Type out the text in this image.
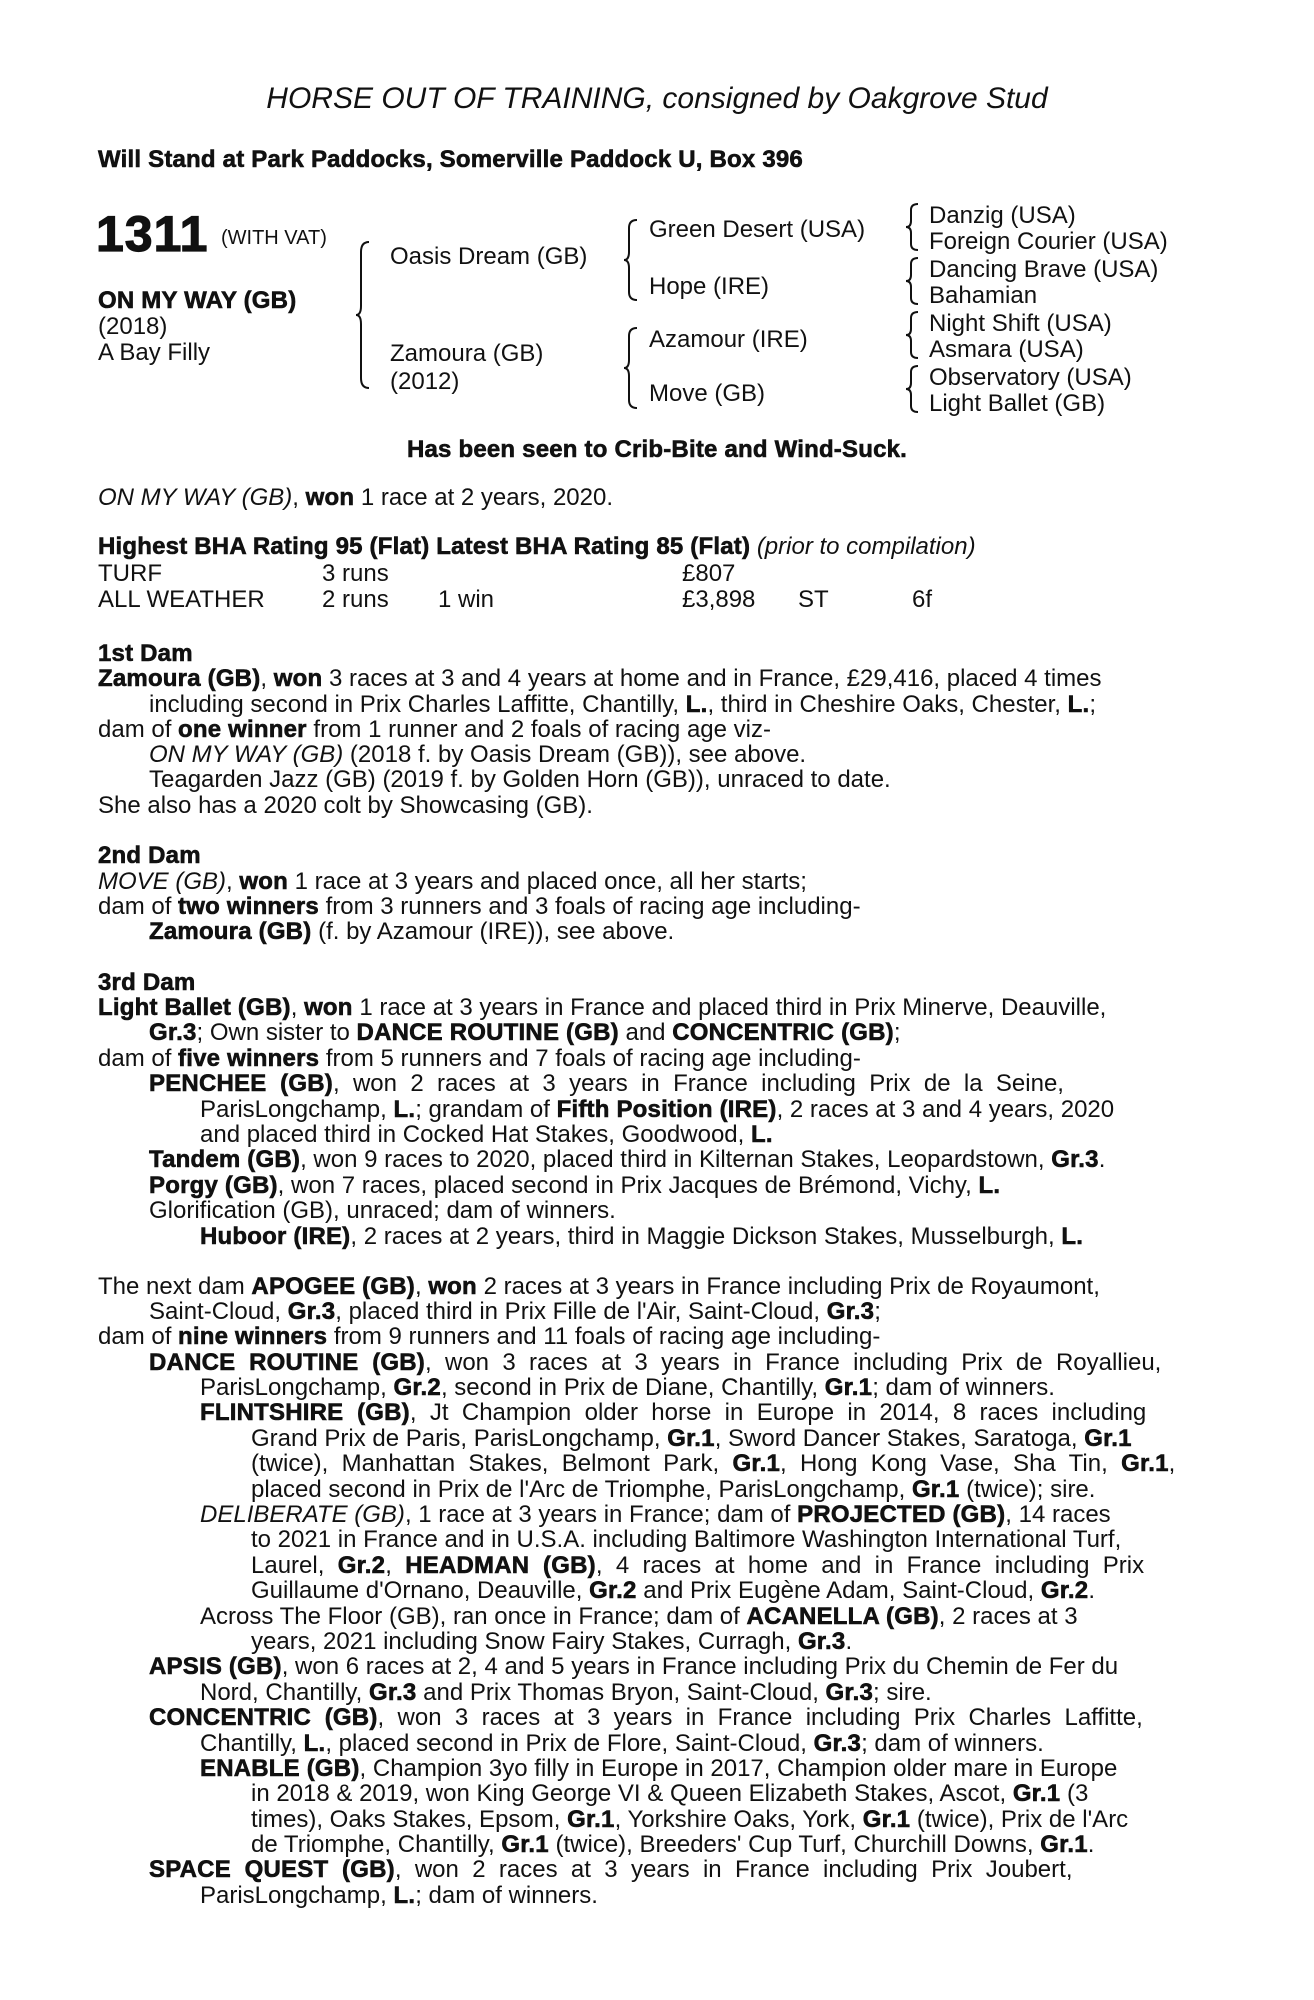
HORSE OUT OF TRAINING, consigned by Oakgrove Stud
Will Stand at Park Paddocks, Somerville Paddock U, Box 396
1311 (WITH VAT)
ON MY WAY (GB)
(2018)
A Bay Filly
Oasis Dream (GB)
Zamoura (GB)
(2012)
Green Desert (USA)
Hope (IRE)
Azamour (IRE)
Move (GB)
Danzig (USA)
Foreign Courier (USA)
Dancing Brave (USA)
Bahamian
Night Shift (USA)
Asmara (USA)
Observatory (USA)
Light Ballet (GB)
Has been seen to Crib-Bite and Wind-Suck.
ON MY WAY (GB), won 1 race at 2 years, 2020.
Highest BHA Rating 95 (Flat) Latest BHA Rating 85 (Flat) (prior to compilation)
TURF	3 runs	£807
ALL WEATHER 2 runs 1 win	£3,898 ST	6f
1st Dam
Zamoura (GB), won 3 races at 3 and 4 years at home and in France, £29,416, placed 4 times
including second in Prix Charles Laffitte, Chantilly, L., third in Cheshire Oaks, Chester, L.;
dam of one winner from 1 runner and 2 foals of racing age viz-
ON MY WAY (GB) (2018 f. by Oasis Dream (GB)), see above.
Teagarden Jazz (GB) (2019 f. by Golden Horn (GB)), unraced to date.
She also has a 2020 colt by Showcasing (GB).
2nd Dam
MOVE (GB), won 1 race at 3 years and placed once, all her starts;
dam of two winners from 3 runners and 3 foals of racing age including-
Zamoura (GB) (f. by Azamour (IRE)), see above.
3rd Dam
Light Ballet (GB), won 1 race at 3 years in France and placed third in Prix Minerve, Deauville,
Gr.3; Own sister to DANCE ROUTINE (GB) and CONCENTRIC (GB);
dam of five winners from 5 runners and 7 foals of racing age including-
PENCHEE  (GB),  won  2  races  at  3  years  in  France  including  Prix  de  la  Seine,
ParisLongchamp, L.; grandam of Fifth Position (IRE), 2 races at 3 and 4 years, 2020
and placed third in Cocked Hat Stakes, Goodwood, L.
Tandem (GB), won 9 races to 2020, placed third in Kilternan Stakes, Leopardstown, Gr.3.
Porgy (GB), won 7 races, placed second in Prix Jacques de Brémond, Vichy, L.
Glorification (GB), unraced; dam of winners.
Huboor (IRE), 2 races at 2 years, third in Maggie Dickson Stakes, Musselburgh, L.
The next dam APOGEE (GB), won 2 races at 3 years in France including Prix de Royaumont,
Saint-Cloud, Gr.3, placed third in Prix Fille de l'Air, Saint-Cloud, Gr.3;
dam of nine winners from 9 runners and 11 foals of racing age including-
DANCE  ROUTINE  (GB),  won  3  races  at  3  years  in  France  including  Prix  de  Royallieu,
ParisLongchamp, Gr.2, second in Prix de Diane, Chantilly, Gr.1; dam of winners.
FLINTSHIRE  (GB),  Jt  Champion  older  horse  in  Europe  in  2014,  8  races  including
Grand Prix de Paris, ParisLongchamp, Gr.1, Sword Dancer Stakes, Saratoga, Gr.1
(twice),  Manhattan  Stakes,  Belmont  Park,  Gr.1,  Hong  Kong  Vase,  Sha  Tin,  Gr.1,
placed second in Prix de l'Arc de Triomphe, ParisLongchamp, Gr.1 (twice); sire.
DELIBERATE (GB), 1 race at 3 years in France; dam of PROJECTED (GB), 14 races
to 2021 in France and in U.S.A. including Baltimore Washington International Turf,
Laurel,  Gr.2,  HEADMAN  (GB),  4  races  at  home  and  in  France  including  Prix
Guillaume d'Ornano, Deauville, Gr.2 and Prix Eugène Adam, Saint-Cloud, Gr.2.
Across The Floor (GB), ran once in France; dam of ACANELLA (GB), 2 races at 3
years, 2021 including Snow Fairy Stakes, Curragh, Gr.3.
APSIS (GB), won 6 races at 2, 4 and 5 years in France including Prix du Chemin de Fer du
Nord, Chantilly, Gr.3 and Prix Thomas Bryon, Saint-Cloud, Gr.3; sire.
CONCENTRIC  (GB),  won  3  races  at  3  years  in  France  including  Prix  Charles  Laffitte,
Chantilly, L., placed second in Prix de Flore, Saint-Cloud, Gr.3; dam of winners.
ENABLE (GB), Champion 3yo filly in Europe in 2017, Champion older mare in Europe
in 2018 & 2019, won King George VI & Queen Elizabeth Stakes, Ascot, Gr.1 (3
times), Oaks Stakes, Epsom, Gr.1, Yorkshire Oaks, York, Gr.1 (twice), Prix de l'Arc
de Triomphe, Chantilly, Gr.1 (twice), Breeders' Cup Turf, Churchill Downs, Gr.1.
SPACE  QUEST  (GB),  won  2  races  at  3  years  in  France  including  Prix  Joubert,
ParisLongchamp, L.; dam of winners.
